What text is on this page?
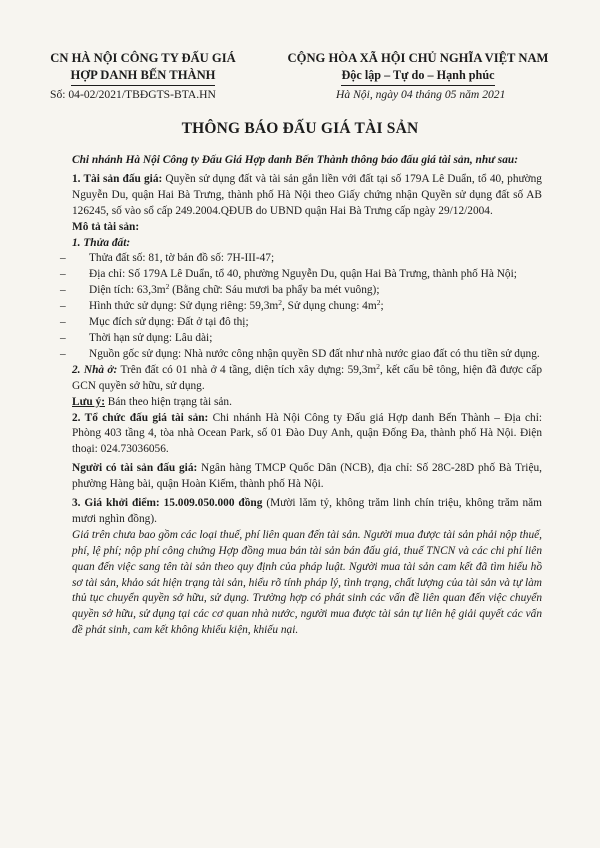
CN HÀ NỘI CÔNG TY ĐẤU GIÁ
HỢP DANH BẾN THÀNH
CỘNG HÒA XÃ HỘI CHỦ NGHĨA VIỆT NAM
Độc lập – Tự do – Hạnh phúc
Số: 04-02/2021/TBĐGTS-BTA.HN	Hà Nội, ngày 04 tháng 05 năm 2021
THÔNG BÁO ĐẤU GIÁ TÀI SẢN

Chi nhánh Hà Nội Công ty Đấu Giá Hợp danh Bến Thành thông báo đấu giá tài sản, như sau:

1. Tài sản đấu giá: Quyền sử dụng đất và tài sản gắn liền với đất tại số 179A Lê Duẩn, tổ 40, phường Nguyễn Du, quận Hai Bà Trưng, thành phố Hà Nội theo Giấy chứng nhận Quyền sử dụng đất số AB 126245, số vào sổ cấp 249.2004.QĐUB do UBND quận Hai Bà Trưng cấp ngày 29/12/2004.

Mô tả tài sản:

1. Thửa đất:

– Thửa đất số: 81, tờ bản đồ số: 7H-III-47;

– Địa chỉ: Số 179A Lê Duẩn, tổ 40, phường Nguyễn Du, quận Hai Bà Trưng, thành phố Hà Nội;

– Diện tích: $63,3m^2$ (Bằng chữ: Sáu mươi ba phẩy ba mét vuông);

– Hình thức sử dụng: Sử dụng riêng: $59,3m^2$, Sử dụng chung: $4m^2$;

– Mục đích sử dụng: Đất ở tại đô thị;

– Thời hạn sử dụng: Lâu dài;

– Nguồn gốc sử dụng: Nhà nước công nhận quyền SD đất như nhà nước giao đất có thu tiền sử dụng.

2. Nhà ở: Trên đất có 01 nhà ở 4 tầng, diện tích xây dựng: $59,3m^2$, kết cấu bê tông, hiện đã được cấp GCN quyền sở hữu, sử dụng.

Lưu ý: Bán theo hiện trạng tài sản.

2. Tổ chức đấu giá tài sản: Chi nhánh Hà Nội Công ty Đấu giá Hợp danh Bến Thành – Địa chỉ: Phòng 403 tầng 4, tòa nhà Ocean Park, số 01 Đào Duy Anh, quận Đống Đa, thành phố Hà Nội. Điện thoại: 024.73036056.

Người có tài sản đấu giá: Ngân hàng TMCP Quốc Dân (NCB), địa chỉ: Số 28C-28D phố Bà Triệu, phường Hàng bài, quận Hoàn Kiếm, thành phố Hà Nội.

3. Giá khởi điểm: 15.009.050.000 đồng (Mười lăm tỷ, không trăm linh chín triệu, không trăm năm mươi nghìn đồng).

Giá trên chưa bao gồm các loại thuế, phí liên quan đến tài sản. Người mua được tài sản phải nộp thuế, phí, lệ phí; nộp phí công chứng Hợp đồng mua bán tài sản bán đấu giá, thuế TNCN và các chi phí liên quan đến việc sang tên tài sản theo quy định của pháp luật. Người mua tài sản cam kết đã tìm hiểu hồ sơ tài sản, khảo sát hiện trạng tài sản, hiểu rõ tính pháp lý, tình trạng, chất lượng của tài sản và tự làm thủ tục chuyển quyền sở hữu, sử dụng. Trường hợp có phát sinh các vấn đề liên quan đến việc chuyển quyền sở hữu, sử dụng tại các cơ quan nhà nước, người mua được tài sản tự liên hệ giải quyết các vấn đề phát sinh, cam kết không khiếu kiện, khiếu nại.
